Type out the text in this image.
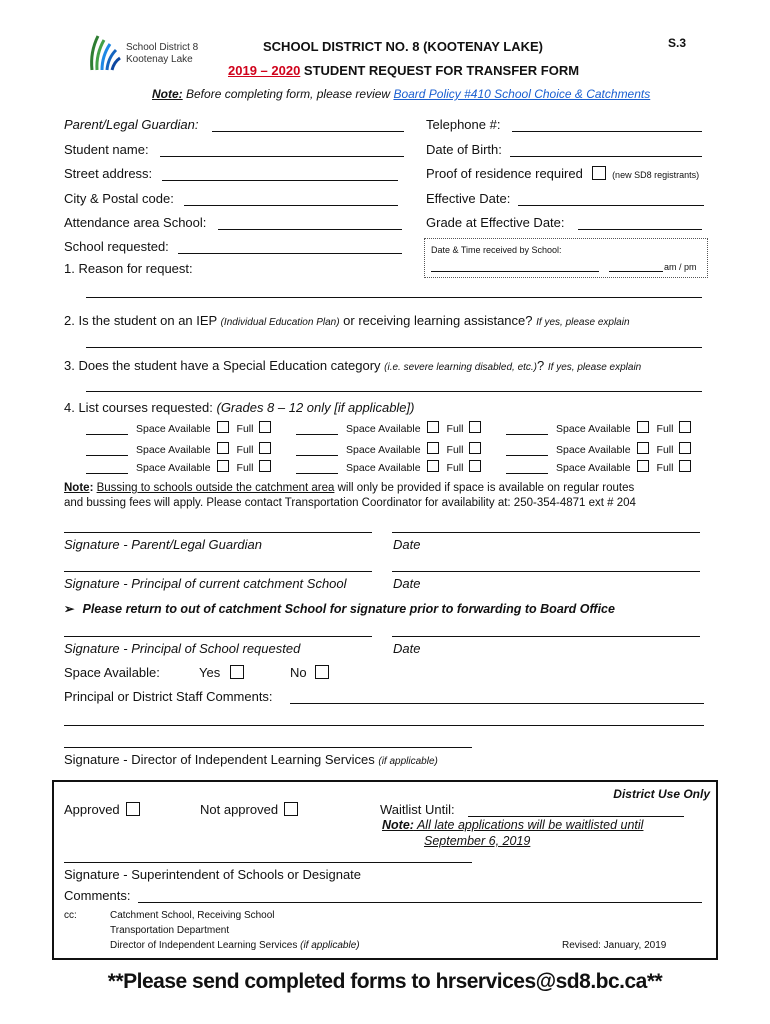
School District 8
Kootenay Lake
SCHOOL DISTRICT NO. 8 (KOOTENAY LAKE)	S.3
2019 – 2020 STUDENT REQUEST FOR TRANSFER FORM
Note: Before completing form, please review Board Policy #410 School Choice & Catchments
Parent/Legal Guardian:
Student name:
Street address:
City & Postal code:
Attendance area School:
School requested:
Telephone #:
Date of Birth:
Proof of residence required	(new SD8 registrants)
Effective Date:
Grade at Effective Date:
Date & Time received by School:
am / pm
1. Reason for request:
2. Is the student on an IEP (Individual Education Plan) or receiving learning assistance? If yes, please explain
3. Does the student have a Special Education category (i.e. severe learning disabled, etc.)? If yes, please explain
4. List courses requested: (Grades 8 – 12 only [if applicable])
Space Available Full	Space Available Full	Space Available Full
Space Available Full	Space Available Full	Space Available Full
Space Available Full	Space Available Full	Space Available Full
Note: Bussing to schools outside the catchment area will only be provided if space is available on regular routes
and bussing fees will apply. Please contact Transportation Coordinator for availability at: 250-354-4871 ext # 204
Signature - Parent/Legal Guardian	Date
Signature - Principal of current catchment School	Date
➢ Please return to out of catchment School for signature prior to forwarding to Board Office
Signature - Principal of School requested	Date
Space Available:	Yes	No
Principal or District Staff Comments:
Signature - Director of Independent Learning Services (if applicable)
District Use Only
Approved	Not approved	Waitlist Until:
Note: All late applications will be waitlisted until
September 6, 2019
Signature - Superintendent of Schools or Designate
Comments:
cc:	Catchment School, Receiving School
Transportation Department
Director of Independent Learning Services (if applicable)	Revised: January, 2019
**Please send completed forms to hrservices@sd8.bc.ca**
